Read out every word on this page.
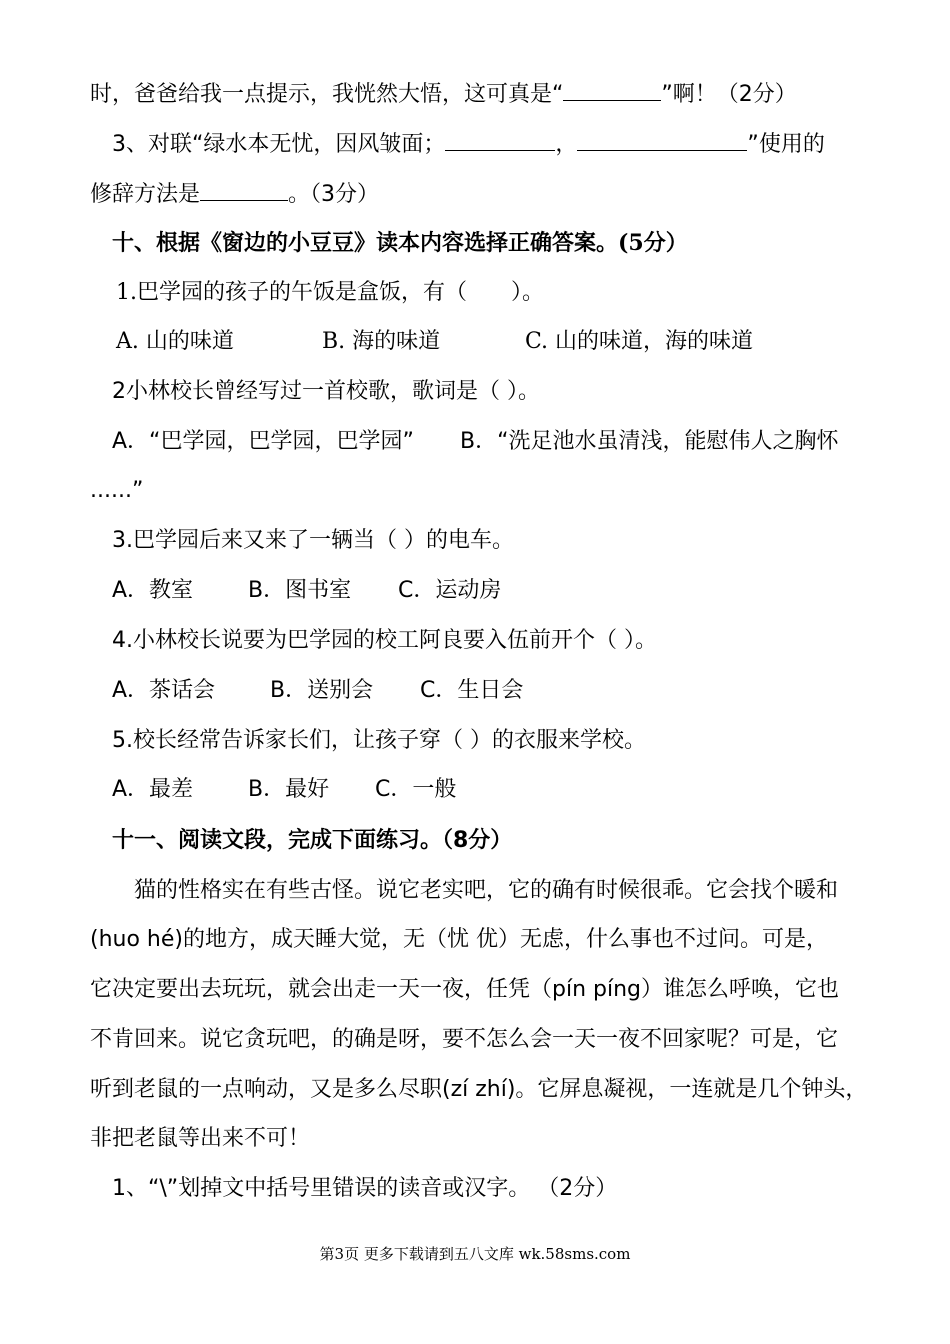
时，爸爸给我一点提示，我恍然大悟，这可真是“	”啊！（2分）
3、对联“绿水本无忧，因风皱面；	，	”使用的
修辞方法是	。（3分）
十、根据《窗边的小豆豆》读本内容选择正确答案。(5分）
1.巴学园的孩子的午饭是盒饭，有（　　）。
A. 山的味道	B. 海的味道	C. 山的味道，海的味道
2小林校长曾经写过一首校歌，歌词是（ ）。
A．“巴学园，巴学园，巴学园” B．“洗足池水虽清浅，能慰伟人之胸怀
......”
3.巴学园后来又来了一辆当（ ）的电车。
A．教室 B．图书室 C．运动房
4.小林校长说要为巴学园的校工阿良要入伍前开个（ ）。
A．茶话会 B．送别会 C．生日会
5.校长经常告诉家长们，让孩子穿（ ）的衣服来学校。
A．最差 B．最好 C．一般
十一、阅读文段，完成下面练习。（8分）
猫的性格实在有些古怪。说它老实吧，它的确有时候很乖。它会找个暖和
(huo hé)的地方，成天睡大觉，无（忧 优）无虑，什么事也不过问。可是，
它决定要出去玩玩，就会出走一天一夜，任凭（pín píng）谁怎么呼唤，它也
不肯回来。说它贪玩吧，的确是呀，要不怎么会一天一夜不回家呢？可是，它
听到老鼠的一点响动，又是多么尽职(zí zhí)。它屏息凝视，一连就是几个钟头，
非把老鼠等出来不可！
1、“\”划掉文中括号里错误的读音或汉字。 （2分）
第3页 更多下载请到五八文库 wk.58sms.com
